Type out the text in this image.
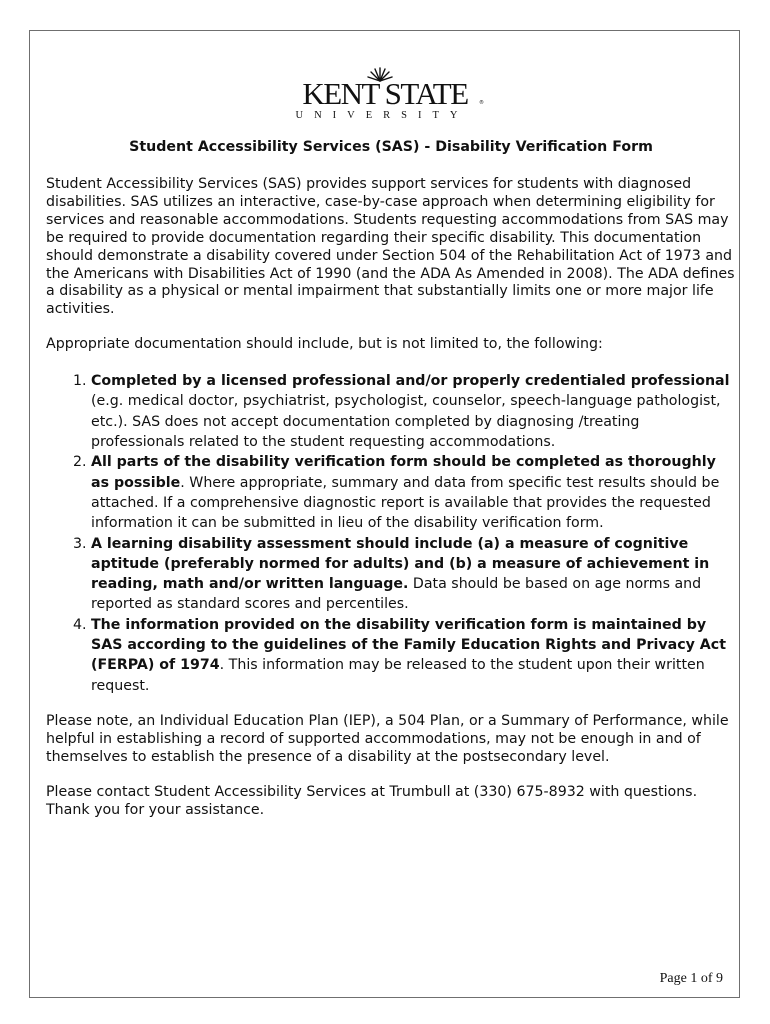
KENT STATE	®
UNIVERSITY
Student Accessibility Services (SAS) - Disability Verification Form

Student Accessibility Services (SAS) provides support services for students with diagnosed disabilities. SAS utilizes an interactive, case-by-case approach when determining eligibility for services and reasonable accommodations. Students requesting accommodations from SAS may be required to provide documentation regarding their specific disability. This documentation should demonstrate a disability covered under Section 504 of the Rehabilitation Act of 1973 and the Americans with Disabilities Act of 1990 (and the ADA As Amended in 2008). The ADA defines a disability as a physical or mental impairment that substantially limits one or more major life activities.

Appropriate documentation should include, but is not limited to, the following:

1. Completed by a licensed professional and/or properly credentialed professional (e.g. medical doctor, psychiatrist, psychologist, counselor, speech-language pathologist, etc.). SAS does not accept documentation completed by diagnosing /treating professionals related to the student requesting accommodations.
2. All parts of the disability verification form should be completed as thoroughly as possible. Where appropriate, summary and data from specific test results should be attached. If a comprehensive diagnostic report is available that provides the requested information it can be submitted in lieu of the disability verification form.
3. A learning disability assessment should include (a) a measure of cognitive aptitude (preferably normed for adults) and (b) a measure of achievement in reading, math and/or written language. Data should be based on age norms and reported as standard scores and percentiles.
4. The information provided on the disability verification form is maintained by SAS according to the guidelines of the Family Education Rights and Privacy Act (FERPA) of 1974. This information may be released to the student upon their written request.

Please note, an Individual Education Plan (IEP), a 504 Plan, or a Summary of Performance, while helpful in establishing a record of supported accommodations, may not be enough in and of themselves to establish the presence of a disability at the postsecondary level.

Please contact Student Accessibility Services at Trumbull at (330) 675-8932 with questions. Thank you for your assistance.

Page 1 of 9
